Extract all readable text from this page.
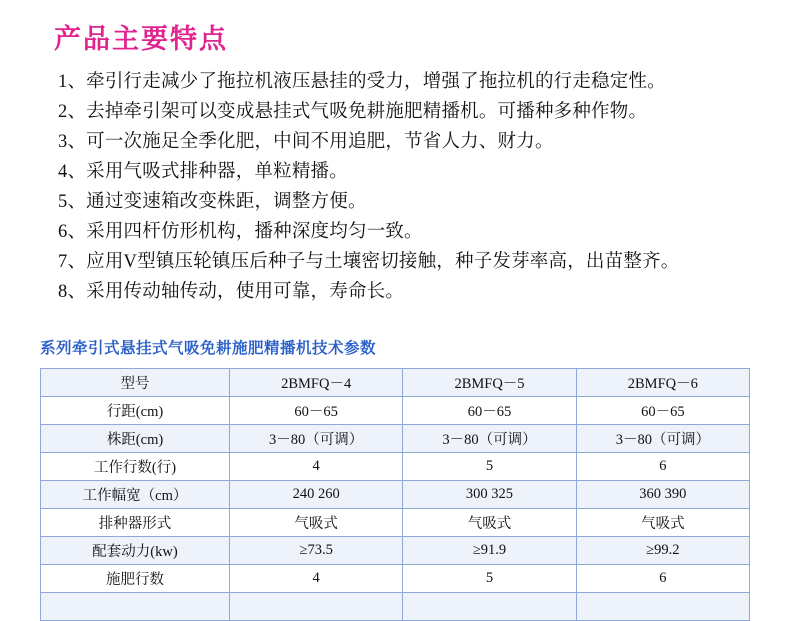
产品主要特点
1、牵引行走减少了拖拉机液压悬挂的受力，增强了拖拉机的行走稳定性。
2、去掉牵引架可以变成悬挂式气吸免耕施肥精播机。可播种多种作物。
3、可一次施足全季化肥，中间不用追肥，节省人力、财力。
4、采用气吸式排种器，单粒精播。
5、通过变速箱改变株距，调整方便。
6、采用四杆仿形机构，播种深度均匀一致。
7、应用V型镇压轮镇压后种子与土壤密切接触，种子发芽率高，出苗整齐。
8、采用传动轴传动，使用可靠，寿命长。
系列牵引式悬挂式气吸免耕施肥精播机技术参数
型号	2BMFQ－4	2BMFQ－5	2BMFQ－6
行距(cm)	60－65	60－65	60－65
株距(cm)	3－80（可调）	3－80（可调）	3－80（可调）
工作行数(行)	4	5	6
工作幅宽（cm）	240 260	300 325	360 390
排种器形式	气吸式	气吸式	气吸式
配套动力(kw)	≥73.5	≥91.9	≥99.2
施肥行数	4	5	6
